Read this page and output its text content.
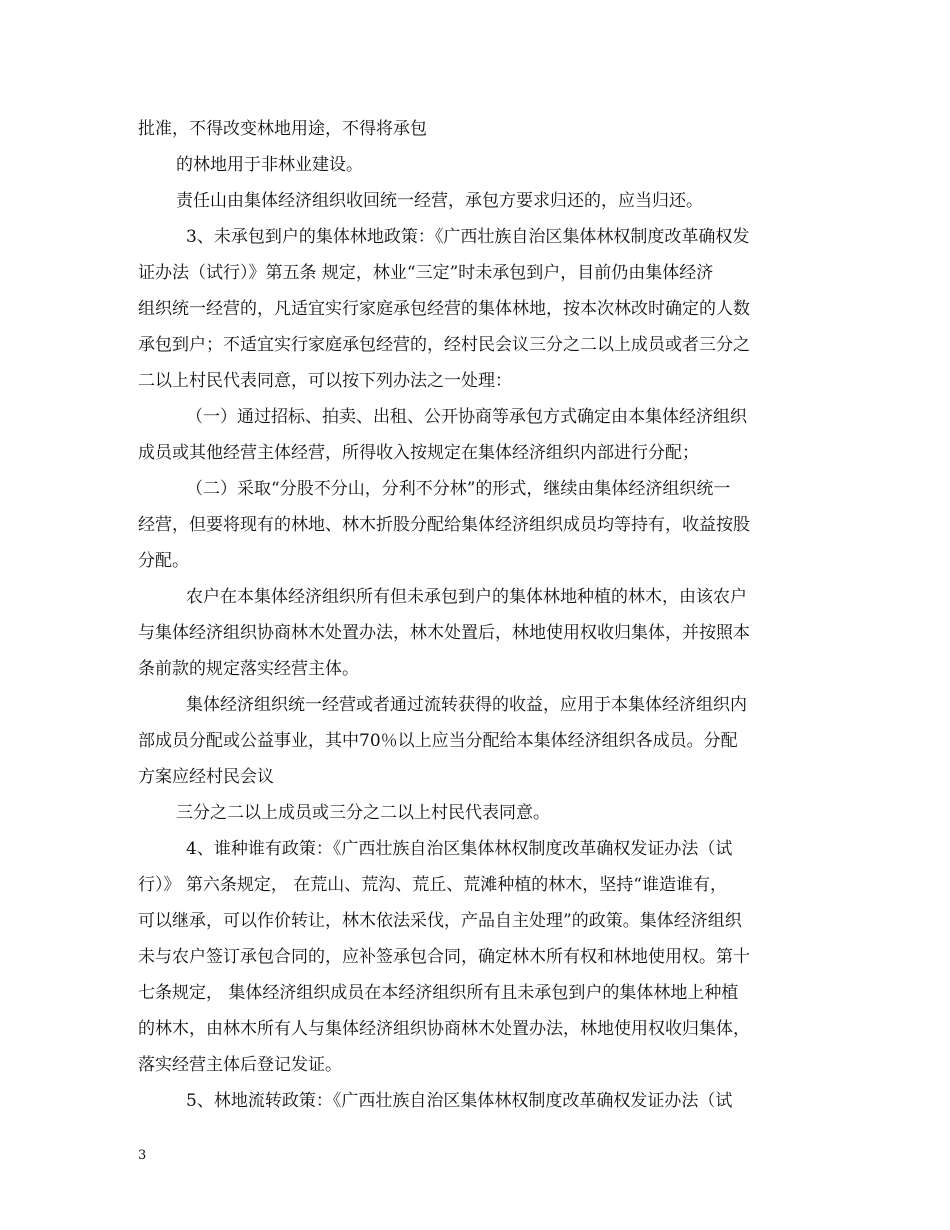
批准，不得改变林地用途，不得将承包
的林地用于非林业建设。
责任山由集体经济组织收回统一经营，承包方要求归还的，应当归还。
3、未承包到户的集体林地政策：《广西壮族自治区集体林权制度改革确权发
证办法（试行）》第五条 规定，林业“三定”时未承包到户，目前仍由集体经济
组织统一经营的，凡适宜实行家庭承包经营的集体林地，按本次林改时确定的人数
承包到户；不适宜实行家庭承包经营的，经村民会议三分之二以上成员或者三分之
二以上村民代表同意，可以按下列办法之一处理：
（一）通过招标、拍卖、出租、公开协商等承包方式确定由本集体经济组织
成员或其他经营主体经营，所得收入按规定在集体经济组织内部进行分配；
（二）采取“分股不分山，分利不分林”的形式，继续由集体经济组织统一
经营，但要将现有的林地、林木折股分配给集体经济组织成员均等持有，收益按股
分配。
农户在本集体经济组织所有但未承包到户的集体林地种植的林木，由该农户
与集体经济组织协商林木处置办法，林木处置后，林地使用权收归集体，并按照本
条前款的规定落实经营主体。
集体经济组织统一经营或者通过流转获得的收益，应用于本集体经济组织内
部成员分配或公益事业，其中70％以上应当分配给本集体经济组织各成员。分配
方案应经村民会议
三分之二以上成员或三分之二以上村民代表同意。
4、谁种谁有政策：《广西壮族自治区集体林权制度改革确权发证办法（试
行）》 第六条规定， 在荒山、荒沟、荒丘、荒滩种植的林木，坚持“谁造谁有，
可以继承，可以作价转让，林木依法采伐，产品自主处理”的政策。集体经济组织
未与农户签订承包合同的，应补签承包合同，确定林木所有权和林地使用权。第十
七条规定， 集体经济组织成员在本经济组织所有且未承包到户的集体林地上种植
的林木，由林木所有人与集体经济组织协商林木处置办法，林地使用权收归集体，
落实经营主体后登记发证。
5、林地流转政策：《广西壮族自治区集体林权制度改革确权发证办法（试
3
